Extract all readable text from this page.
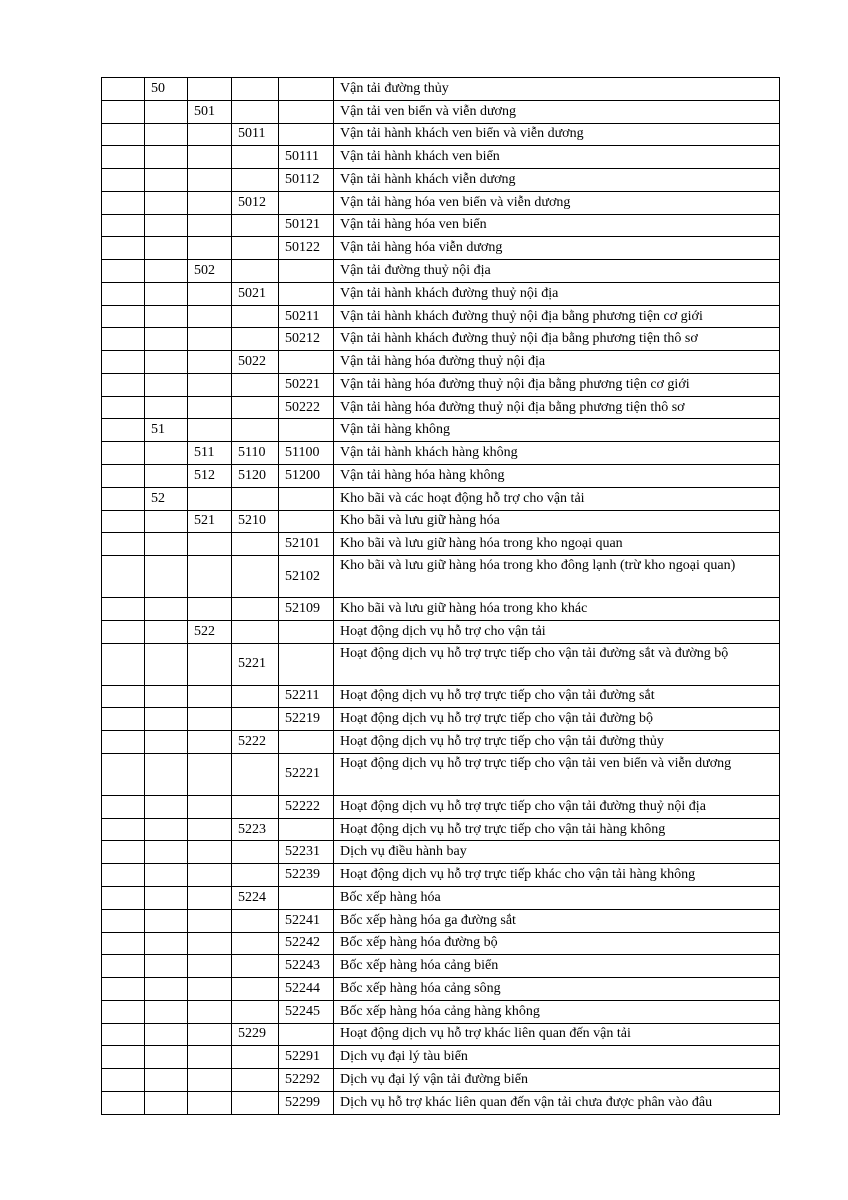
	50				Vận tải đường thủy
		501			Vận tải ven biển và viễn dương
			5011		Vận tải hành khách ven biển và viễn dương
				50111	Vận tải hành khách ven biển
				50112	Vận tải hành khách viễn dương
			5012		Vận tải hàng hóa ven biển và viễn dương
				50121	Vận tải hàng hóa ven biển
				50122	Vận tải hàng hóa viễn dương
		502			Vận tải đường thuỷ nội địa
			5021		Vận tải hành khách đường thuỷ nội địa
				50211	Vận tải hành khách đường thuỷ nội địa bằng phương tiện cơ giới
				50212	Vận tải hành khách đường thuỷ nội địa bằng phương tiện thô sơ
			5022		Vận tải hàng hóa đường thuỷ nội địa
				50221	Vận tải hàng hóa đường thuỷ nội địa bằng phương tiện cơ giới
				50222	Vận tải hàng hóa đường thuỷ nội địa bằng phương tiện thô sơ
	51				Vận tải hàng không
		511	5110	51100	Vận tải hành khách hàng không
		512	5120	51200	Vận tải hàng hóa hàng không
	52				Kho bãi và các hoạt động hỗ trợ cho vận tải
		521	5210		Kho bãi và lưu giữ hàng hóa
				52101	Kho bãi và lưu giữ hàng hóa trong kho ngoại quan
				52102	Kho bãi và lưu giữ hàng hóa trong kho đông lạnh (trừ kho ngoại quan)
				52109	Kho bãi và lưu giữ hàng hóa trong kho khác
		522			Hoạt động dịch vụ hỗ trợ cho vận tải
			5221		Hoạt động dịch vụ hỗ trợ trực tiếp cho vận tải đường sắt và đường bộ
				52211	Hoạt động dịch vụ hỗ trợ trực tiếp cho vận tải đường sắt
				52219	Hoạt động dịch vụ hỗ trợ trực tiếp cho vận tải đường bộ
			5222		Hoạt động dịch vụ hỗ trợ trực tiếp cho vận tải đường thủy
				52221	Hoạt động dịch vụ hỗ trợ trực tiếp cho vận tải ven biển và viễn dương
				52222	Hoạt động dịch vụ hỗ trợ trực tiếp cho vận tải đường thuỷ nội địa
			5223		Hoạt động dịch vụ hỗ trợ trực tiếp cho vận tải hàng không
				52231	Dịch vụ điều hành bay
				52239	Hoạt động dịch vụ hỗ trợ trực tiếp khác cho vận tải hàng không
			5224		Bốc xếp hàng hóa
				52241	Bốc xếp hàng hóa ga đường sắt
				52242	Bốc xếp hàng hóa đường bộ
				52243	Bốc xếp hàng hóa cảng biển
				52244	Bốc xếp hàng hóa cảng sông
				52245	Bốc xếp hàng hóa cảng hàng không
			5229		Hoạt động dịch vụ hỗ trợ khác liên quan đến vận tải
				52291	Dịch vụ đại lý tàu biển
				52292	Dịch vụ đại lý vận tải đường biển
				52299	Dịch vụ hỗ trợ khác liên quan đến vận tải chưa được phân vào đâu
